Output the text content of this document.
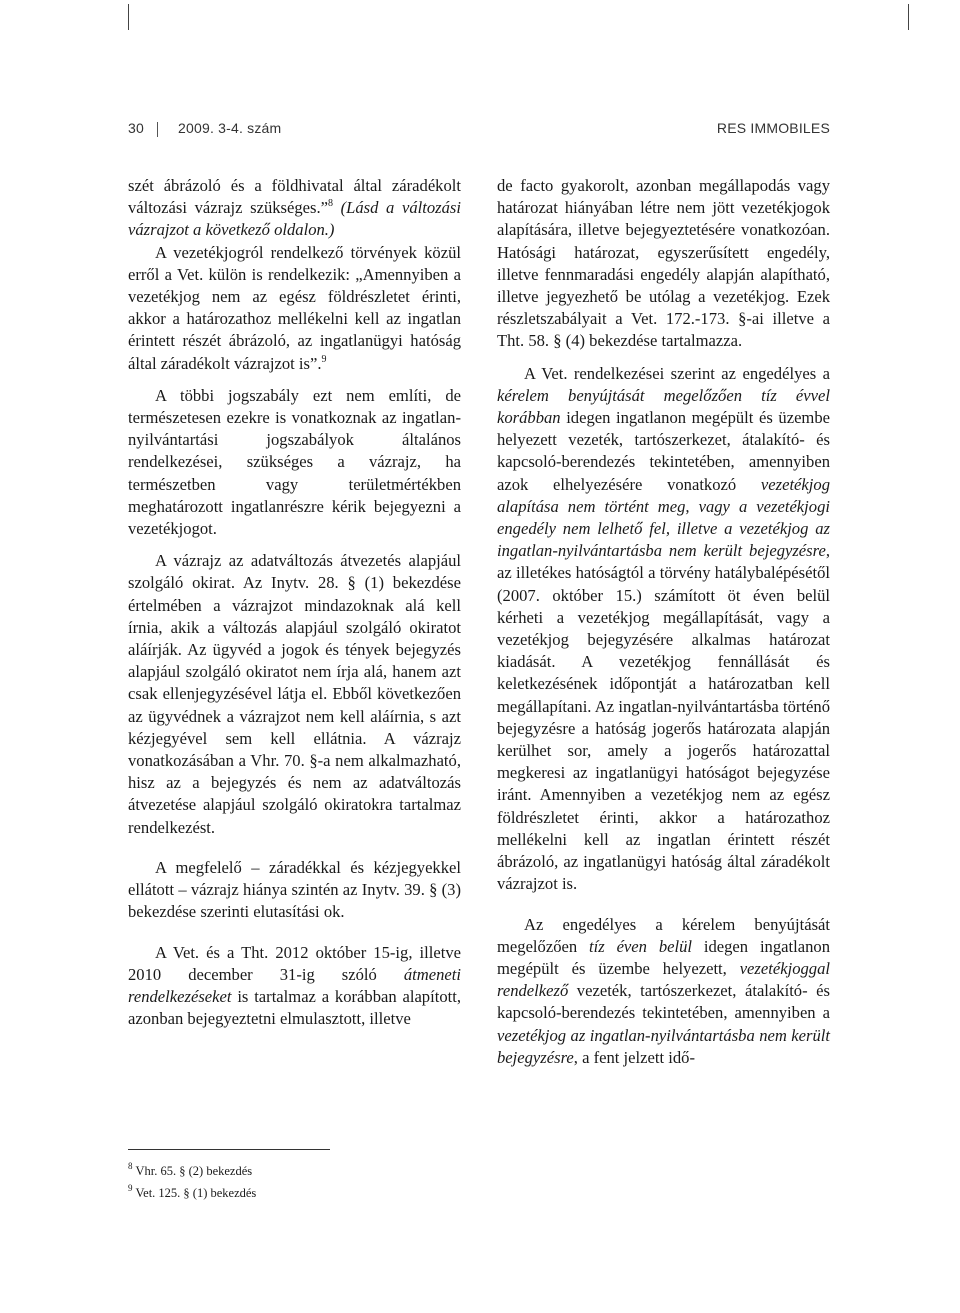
30 2009. 3-4. szám	RES IMMOBILES

szét ábrázoló és a földhivatal által záradékolt változási vázrajz szükséges.”$^8$ (Lásd a változási vázrajzot a következő oldalon.)

A vezetékjogról rendelkező törvények közül erről a Vet. külön is rendelkezik: „Amennyiben a vezetékjog nem az egész földrészletet érinti, akkor a határozathoz mellékelni kell az ingatlan érintett részét ábrázoló, az ingatlanügyi hatóság által záradékolt vázrajzot is”.$^9$

A többi jogszabály ezt nem említi, de természetesen ezekre is vonatkoznak az ingatlan-nyilvántartási jogszabályok általános rendelkezései, szükséges a vázrajz, ha természetben vagy területmértékben meghatározott ingatlanrészre kérik bejegyezni a vezetékjogot.

A vázrajz az adatváltozás átvezetés alapjául szolgáló okirat. Az Inytv. 28. § (1) bekezdése értelmében a vázrajzot mindazoknak alá kell írnia, akik a változás alapjául szolgáló okiratot aláírják. Az ügyvéd a jogok és tények bejegyzés alapjául szolgáló okiratot nem írja alá, hanem azt csak ellenjegyzésével látja el. Ebből következően az ügyvédnek a vázrajzot nem kell aláírnia, s azt kézjegyével sem kell ellátnia. A vázrajz vonatkozásában a Vhr. 70. §-a nem alkalmazható, hisz az a bejegyzés és nem az adatváltozás átvezetése alapjául szolgáló okiratokra tartalmaz rendelkezést.

A megfelelő – záradékkal és kézjegyekkel ellátott – vázrajz hiánya szintén az Inytv. 39. § (3) bekezdése szerinti elutasítási ok.

A Vet. és a Tht. 2012 október 15-ig, illetve 2010 december 31-ig szóló átmeneti rendelkezéseket is tartalmaz a korábban alapított, azonban bejegyeztetni elmulasztott, illetve

de facto gyakorolt, azonban megállapodás vagy határozat hiányában létre nem jött vezetékjogok alapítására, illetve bejegyeztetésére vonatkozóan. Hatósági határozat, egyszerűsített engedély, illetve fennmaradási engedély alapján alapítható, illetve jegyezhető be utólag a vezetékjog. Ezek részletszabályait a Vet. 172.-173. §-ai illetve a Tht. 58. § (4) bekezdése tartalmazza.

A Vet. rendelkezései szerint az engedélyes a kérelem benyújtását megelőzően tíz évvel korábban idegen ingatlanon megépült és üzembe helyezett vezeték, tartószerkezet, átalakító- és kapcsoló-berendezés tekintetében, amennyiben azok elhelyezésére vonatkozó vezetékjog alapítása nem történt meg, vagy a vezetékjogi engedély nem lelhető fel, illetve a vezetékjog az ingatlan-nyilvántartásba nem került bejegyzésre, az illetékes hatóságtól a törvény hatálybalépésétől (2007. október 15.) számított öt éven belül kérheti a vezetékjog megállapítását, vagy a vezetékjog bejegyzésére alkalmas határozat kiadását. A vezetékjog fennállását és keletkezésének időpontját a határozatban kell megállapítani. Az ingatlan-nyilvántartásba történő bejegyzésre a hatóság jogerős határozata alapján kerülhet sor, amely a jogerős határozattal megkeresi az ingatlanügyi hatóságot bejegyzése iránt. Amennyiben a vezetékjog nem az egész földrészletet érinti, akkor a határozathoz mellékelni kell az ingatlan érintett részét ábrázoló, az ingatlanügyi hatóság által záradékolt vázrajzot is.

Az engedélyes a kérelem benyújtását megelőzően tíz éven belül idegen ingatlanon megépült és üzembe helyezett, vezetékjoggal rendelkező vezeték, tartószerkezet, átalakító- és kapcsoló-berendezés tekintetében, amennyiben a vezetékjog az ingatlan-nyilvántartásba nem került bejegyzésre, a fent jelzett idő-

$^8$ Vhr. 65. § (2) bekezdés
$^9$ Vet. 125. § (1) bekezdés
